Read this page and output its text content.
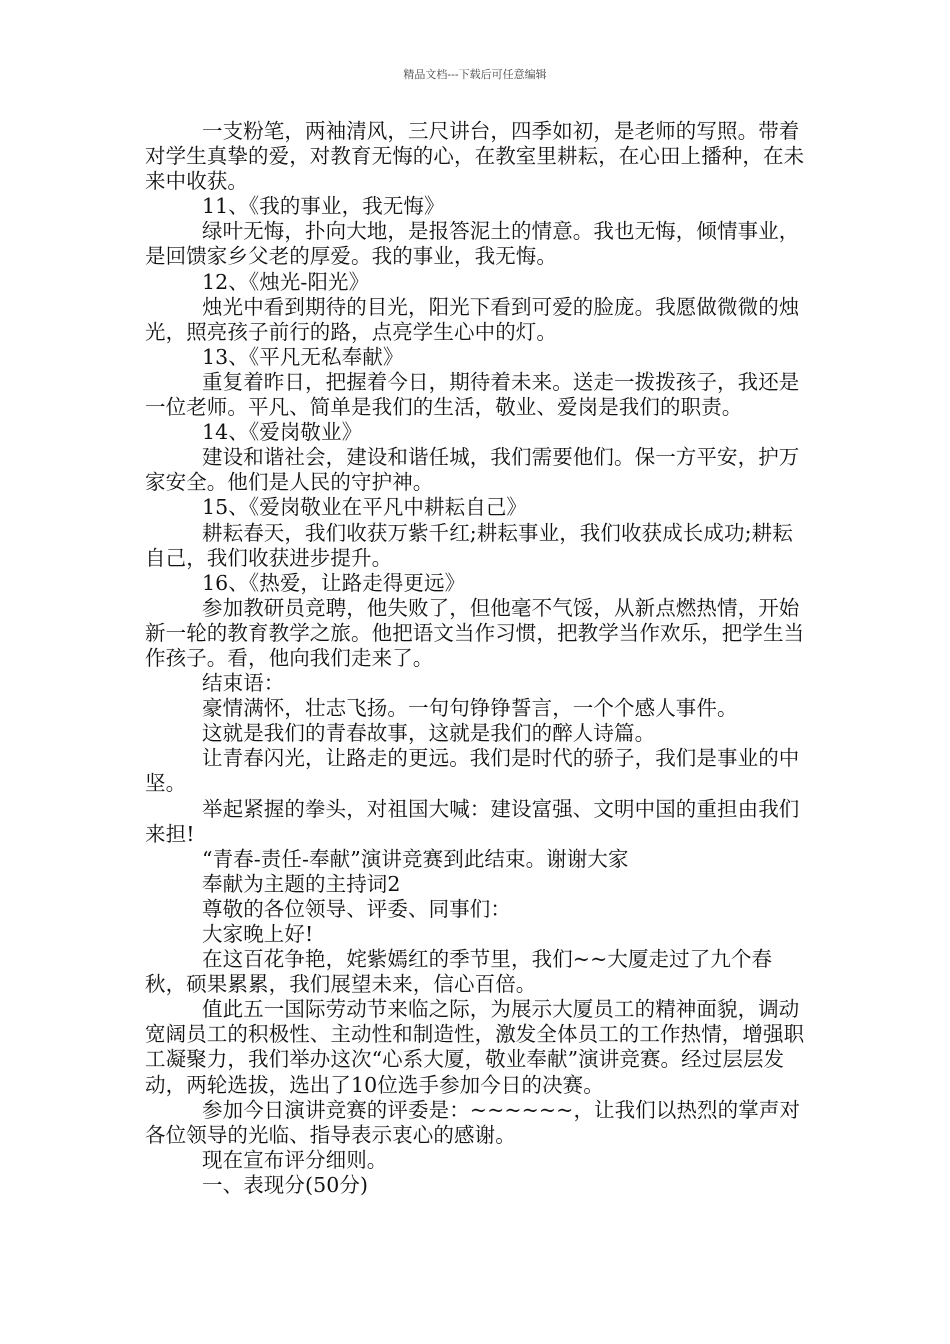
精品文档---下载后可任意编辑
一支粉笔，两袖清风，三尺讲台，四季如初，是老师的写照。带着对学生真挚的爱，对教育无悔的心，在教室里耕耘，在心田上播种，在未来中收获。
11、《我的事业，我无悔》
绿叶无悔，扑向大地，是报答泥土的情意。我也无悔，倾情事业，是回馈家乡父老的厚爱。我的事业，我无悔。
12、《烛光-阳光》
烛光中看到期待的目光，阳光下看到可爱的脸庞。我愿做微微的烛光，照亮孩子前行的路，点亮学生心中的灯。
13、《平凡无私奉献》
重复着昨日，把握着今日，期待着未来。送走一拨拨孩子，我还是一位老师。平凡、简单是我们的生活，敬业、爱岗是我们的职责。
14、《爱岗敬业》
建设和谐社会，建设和谐任城，我们需要他们。保一方平安，护万家安全。他们是人民的守护神。
15、《爱岗敬业在平凡中耕耘自己》
耕耘春天，我们收获万紫千红;耕耘事业，我们收获成长成功;耕耘自己，我们收获进步提升。
16、《热爱，让路走得更远》
参加教研员竞聘，他失败了，但他毫不气馁，从新点燃热情，开始新一轮的教育教学之旅。他把语文当作习惯，把教学当作欢乐，把学生当作孩子。看，他向我们走来了。
结束语：
豪情满怀，壮志飞扬。一句句铮铮誓言，一个个感人事件。
这就是我们的青春故事，这就是我们的醉人诗篇。
让青春闪光，让路走的更远。我们是时代的骄子，我们是事业的中坚。
举起紧握的拳头，对祖国大喊：建设富强、文明中国的重担由我们来担!
“青春-责任-奉献”演讲竞赛到此结束。谢谢大家
奉献为主题的主持词2
尊敬的各位领导、评委、同事们：
大家晚上好!
在这百花争艳，姹紫嫣红的季节里，我们~~大厦走过了九个春秋，硕果累累，我们展望未来，信心百倍。
值此五一国际劳动节来临之际，为展示大厦员工的精神面貌，调动宽阔员工的积极性、主动性和制造性，激发全体员工的工作热情，增强职工凝聚力，我们举办这次“心系大厦，敬业奉献”演讲竞赛。经过层层发动，两轮选拔，选出了10位选手参加今日的决赛。
参加今日演讲竞赛的评委是：~~~~~~，让我们以热烈的掌声对各位领导的光临、指导表示衷心的感谢。
现在宣布评分细则。
一、表现分(50分)
